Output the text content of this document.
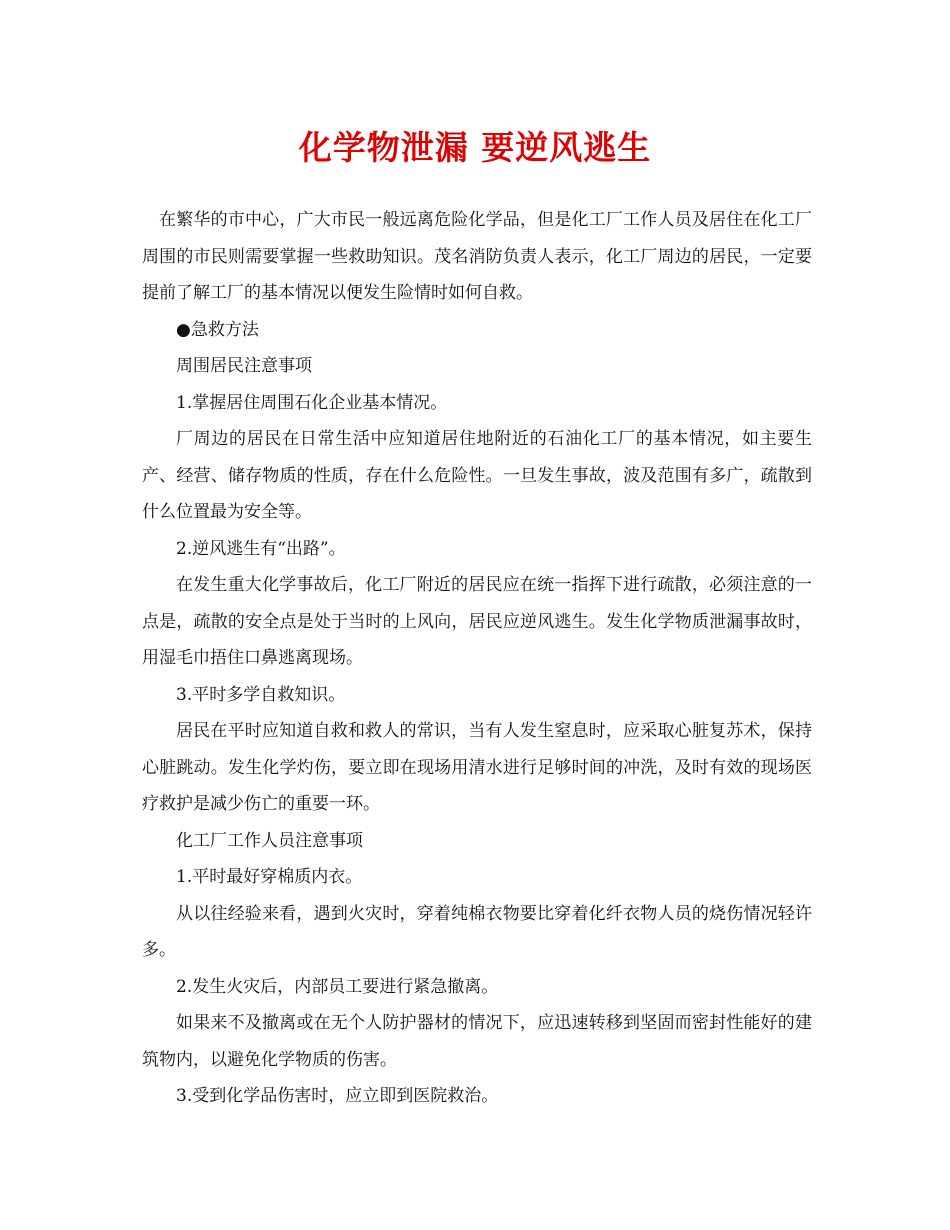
化学物泄漏 要逆风逃生

在繁华的市中心，广大市民一般远离危险化学品，但是化工厂工作人员及居住在化工厂周围的市民则需要掌握一些救助知识。茂名消防负责人表示，化工厂周边的居民，一定要提前了解工厂的基本情况以便发生险情时如何自救。

●急救方法

周围居民注意事项

1.掌握居住周围石化企业基本情况。

厂周边的居民在日常生活中应知道居住地附近的石油化工厂的基本情况，如主要生产、经营、储存物质的性质，存在什么危险性。一旦发生事故，波及范围有多广，疏散到什么位置最为安全等。

2.逆风逃生有“出路”。

在发生重大化学事故后，化工厂附近的居民应在统一指挥下进行疏散，必须注意的一点是，疏散的安全点是处于当时的上风向，居民应逆风逃生。发生化学物质泄漏事故时，用湿毛巾捂住口鼻逃离现场。

3.平时多学自救知识。

居民在平时应知道自救和救人的常识，当有人发生窒息时，应采取心脏复苏术，保持心脏跳动。发生化学灼伤，要立即在现场用清水进行足够时间的冲洗，及时有效的现场医疗救护是减少伤亡的重要一环。

化工厂工作人员注意事项

1.平时最好穿棉质内衣。

从以往经验来看，遇到火灾时，穿着纯棉衣物要比穿着化纤衣物人员的烧伤情况轻许多。

2.发生火灾后，内部员工要进行紧急撤离。

如果来不及撤离或在无个人防护器材的情况下，应迅速转移到坚固而密封性能好的建筑物内，以避免化学物质的伤害。

3.受到化学品伤害时，应立即到医院救治。
